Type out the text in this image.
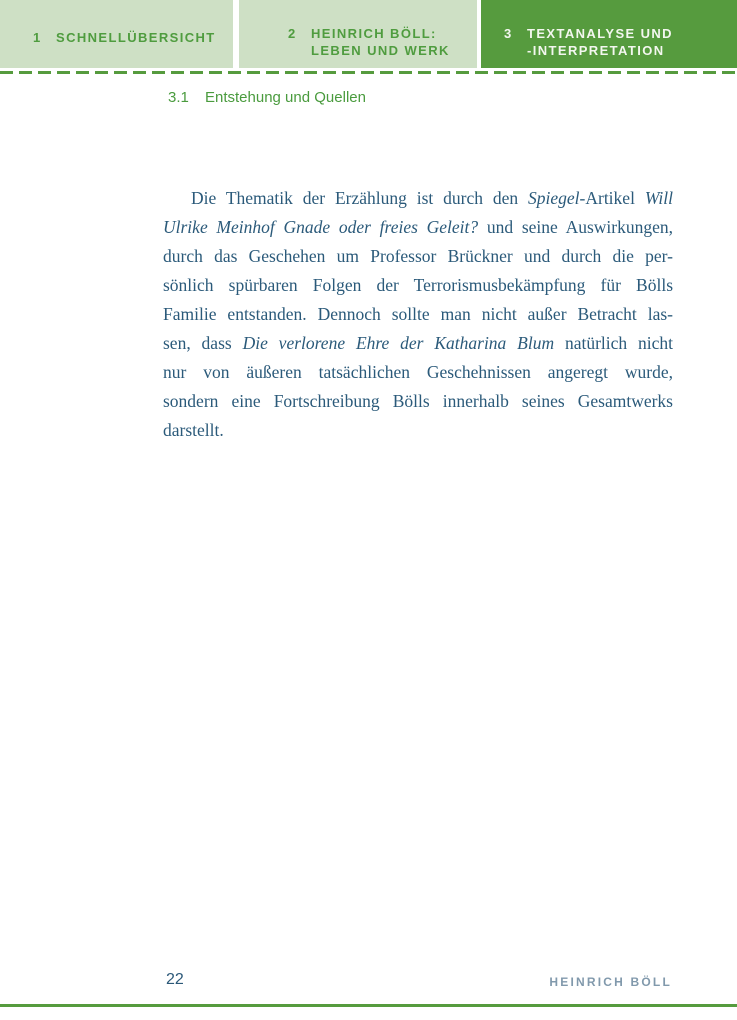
1	SCHNELLÜBERSICHT	2	HEINRICH BÖLL:
LEBEN UND WERK
3	TEXTANALYSE UND
-INTERPRETATION
3.1	Entstehung und Quellen
Die Thematik der Erzählung ist durch den Spiegel-Artikel Will
Ulrike Meinhof Gnade oder freies Geleit? und seine Auswirkungen,
durch das Geschehen um Professor Brückner und durch die per-
sönlich spürbaren Folgen der Terrorismusbekämpfung für Bölls
Familie entstanden. Dennoch sollte man nicht außer Betracht las-
sen, dass Die verlorene Ehre der Katharina Blum natürlich nicht
nur von äußeren tatsächlichen Geschehnissen angeregt wurde,
sondern eine Fortschreibung Bölls innerhalb seines Gesamtwerks
darstellt.
22	HEINRICH BÖLL
